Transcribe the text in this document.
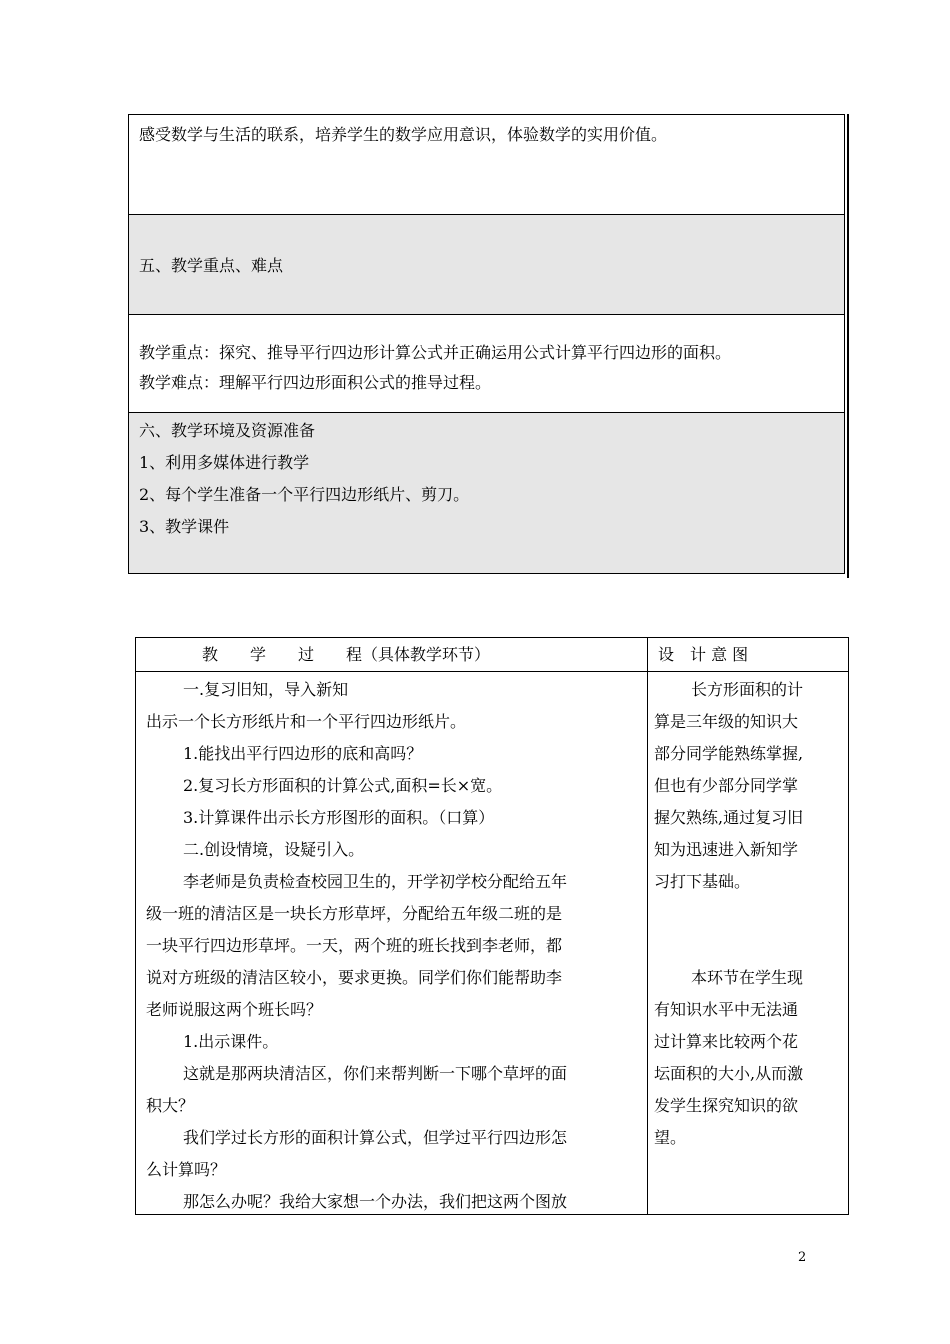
感受数学与生活的联系，培养学生的数学应用意识，体验数学的实用价值。
五、教学重点、难点
教学重点：探究、推导平行四边形计算公式并正确运用公式计算平行四边形的面积。
教学难点：理解平行四边形面积公式的推导过程。
六、教学环境及资源准备
1、利用多媒体进行教学
2、每个学生准备一个平行四边形纸片、剪刀。
3、教学课件
教　　学　　过　　程（具体教学环节）	设　计 意 图
一.复习旧知，导入新知
出示一个长方形纸片和一个平行四边形纸片。
1.能找出平行四边形的底和高吗？
2.复习长方形面积的计算公式,面积=长×宽。
3.计算课件出示长方形图形的面积。（口算）
二.创设情境，设疑引入。
李老师是负责检查校园卫生的，开学初学校分配给五年
级一班的清洁区是一块长方形草坪，分配给五年级二班的是
一块平行四边形草坪。一天，两个班的班长找到李老师，都
说对方班级的清洁区较小，要求更换。同学们你们能帮助李
老师说服这两个班长吗？
1.出示课件。
这就是那两块清洁区，你们来帮判断一下哪个草坪的面
积大？
我们学过长方形的面积计算公式，但学过平行四边形怎
么计算吗？
那怎么办呢？我给大家想一个办法，我们把这两个图放
长方形面积的计
算是三年级的知识大
部分同学能熟练掌握,
但也有少部分同学掌
握欠熟练,通过复习旧
知为迅速进入新知学
习打下基础。
本环节在学生现
有知识水平中无法通
过计算来比较两个花
坛面积的大小,从而激
发学生探究知识的欲
望。
2
